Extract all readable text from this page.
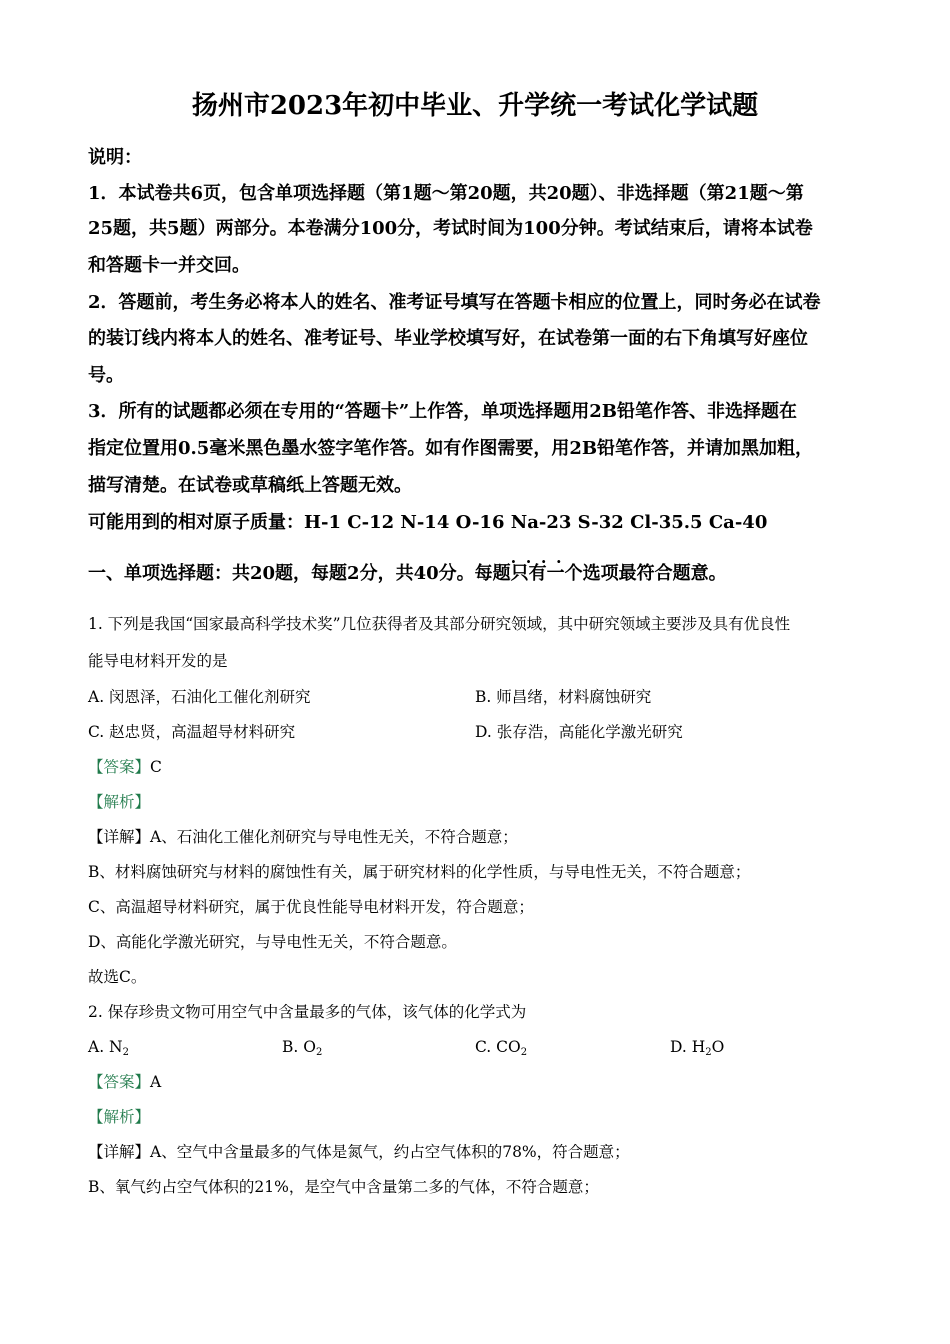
扬州市2023年初中毕业、升学统一考试化学试题
说明：
1．本试卷共6页，包含单项选择题（第1题～第20题，共20题）、非选择题（第21题～第
25题，共5题）两部分。本卷满分100分，考试时间为100分钟。考试结束后，请将本试卷
和答题卡一并交回。
2．答题前，考生务必将本人的姓名、准考证号填写在答题卡相应的位置上，同时务必在试卷
的装订线内将本人的姓名、准考证号、毕业学校填写好，在试卷第一面的右下角填写好座位
号。
3．所有的试题都必须在专用的“答题卡”上作答，单项选择题用2B铅笔作答、非选择题在
指定位置用0.5毫米黑色墨水签字笔作答。如有作图需要，用2B铅笔作答，并请加黑加粗，
描写清楚。在试卷或草稿纸上答题无效。
可能用到的相对原子质量：H-1 C-12 N-14 O-16 Na-23 S-32 Cl-35.5 Ca-40
一、单项选择题：共20题，每题2分，共40分。每题· · · · 只有一个选项最符合题意。
1. 下列是我国“国家最高科学技术奖”几位获得者及其部分研究领域，其中研究领域主要涉及具有优良性
能导电材料开发的是
A. 闵恩泽，石油化工催化剂研究	B. 师昌绪，材料腐蚀研究
C. 赵忠贤，高温超导材料研究	D. 张存浩，高能化学激光研究
【答案】C
【解析】
【详解】A、石油化工催化剂研究与导电性无关，不符合题意；
B、材料腐蚀研究与材料的腐蚀性有关，属于研究材料的化学性质，与导电性无关，不符合题意；
C、高温超导材料研究，属于优良性能导电材料开发，符合题意；
D、高能化学激光研究，与导电性无关，不符合题意。
故选C。
2. 保存珍贵文物可用空气中含量最多的气体，该气体的化学式为
A. $N_2$	B. $O_2$	C. $CO_2$	D. $H_2O$
【答案】A
【解析】
【详解】A、空气中含量最多的气体是氮气，约占空气体积的78%，符合题意；
B、氧气约占空气体积的21%，是空气中含量第二多的气体，不符合题意；
